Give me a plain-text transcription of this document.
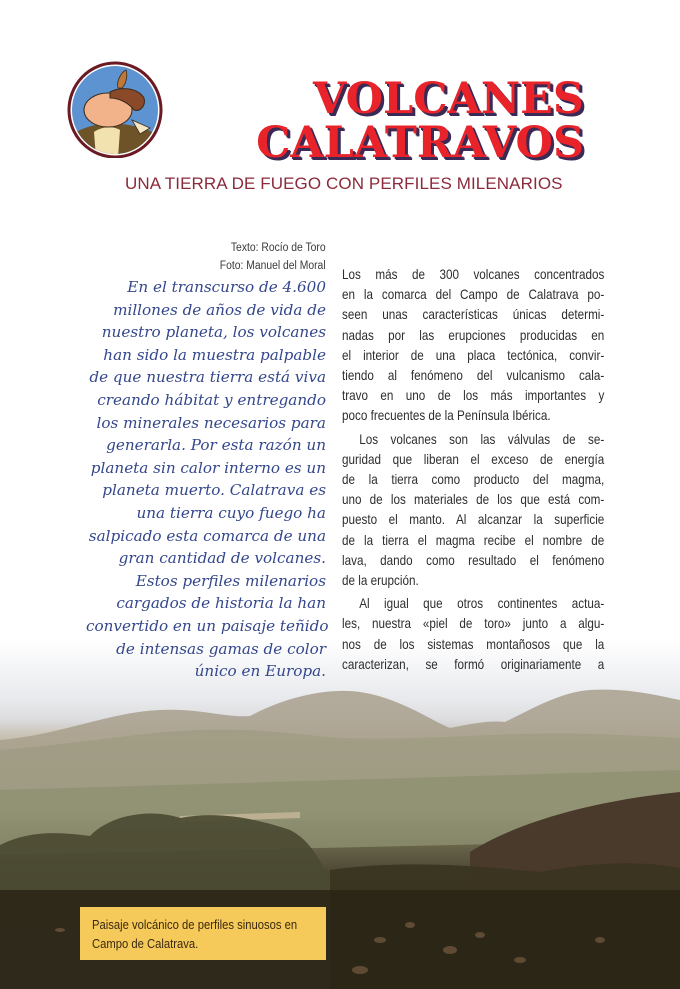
VOLCANES
CALATRAVOS
UNA TIERRA DE FUEGO CON PERFILES MILENARIOS
Texto: Rocío de Toro
Foto: Manuel del Moral
En el transcurso de 4.600
millones de años de vida de
nuestro planeta, los volcanes
han sido la muestra palpable
de que nuestra tierra está viva
creando hábitat y entregando
los minerales necesarios para
generarla. Por esta razón un
planeta sin calor interno es un
planeta muerto. Calatrava es
una tierra cuyo fuego ha
salpicado esta comarca de una
gran cantidad de volcanes.
Estos perfiles milenarios
cargados de historia la han
convertido en un paisaje teñido
de intensas gamas de color
único en Europa.
Los más de 300 volcanes concentrados
en la comarca del Campo de Calatrava po-
seen unas características únicas determi-
nadas por las erupciones producidas en
el interior de una placa tectónica, convir-
tiendo al fenómeno del vulcanismo cala-
travo en uno de los más importantes y
poco frecuentes de la Península Ibérica.
Los volcanes son las válvulas de se-
guridad que liberan el exceso de energía
de la tierra como producto del magma,
uno de los materiales de los que está com-
puesto el manto. Al alcanzar la superficie
de la tierra el magma recibe el nombre de
lava, dando como resultado el fenómeno
de la erupción.
Al igual que otros continentes actua-
les, nuestra «piel de toro» junto a algu-
nos de los sistemas montañosos que la
caracterizan, se formó originariamente a
Paisaje volcánico de perfiles sinuosos en
Campo de Calatrava.
